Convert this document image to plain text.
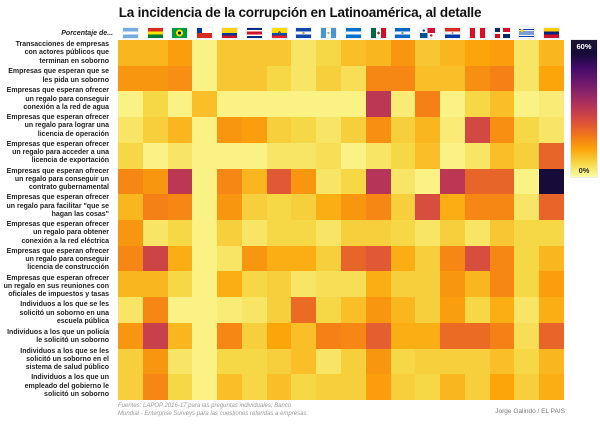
La incidencia de la corrupción en Latinoamérica, al detalle
Porcentaje de...
Transacciones de empresas con actores públicos que terminan en soborno
Empresas que esperan que se les pida un soborno
Empresas que esperan ofrecer un regalo para conseguir conexión a la red de agua
Empresas que esperan ofrecer un regalo para lograr una licencia de operación
Empresas que esperan ofrecer un regalo para acceder a una licencia de exportación
Empresas que esperan ofrecer un regalo para conseguir un contrato gubernamental
Empresas que esperan ofrecer un regalo para facilitar "que se hagan las cosas"
Empresas que esperan ofrecer un regalo para obtener conexión a la red eléctrica
Empresas que esperan ofrecer un regalo para conseguir licencia de construcción
Empresas que esperan ofrecer un regalo en sus reuniones con oficiales de impuestos y tasas
Individuos a los que se les solicitó un soborno en una escuela pública
Individuos a los que un policía le solicitó un soborno
Individuos a los que se les solicitó un soborno en el sistema de salud público
Individuos a los que un empleado del gobierno le solicitó un soborno
60%
0%
Fuentes: LAPOP 2016-17 para las preguntas individuales; Banco
Mundial - Enterprise Surveys para las cuestiones referidas a empresas.	Jorge Galindo / EL PAIS
